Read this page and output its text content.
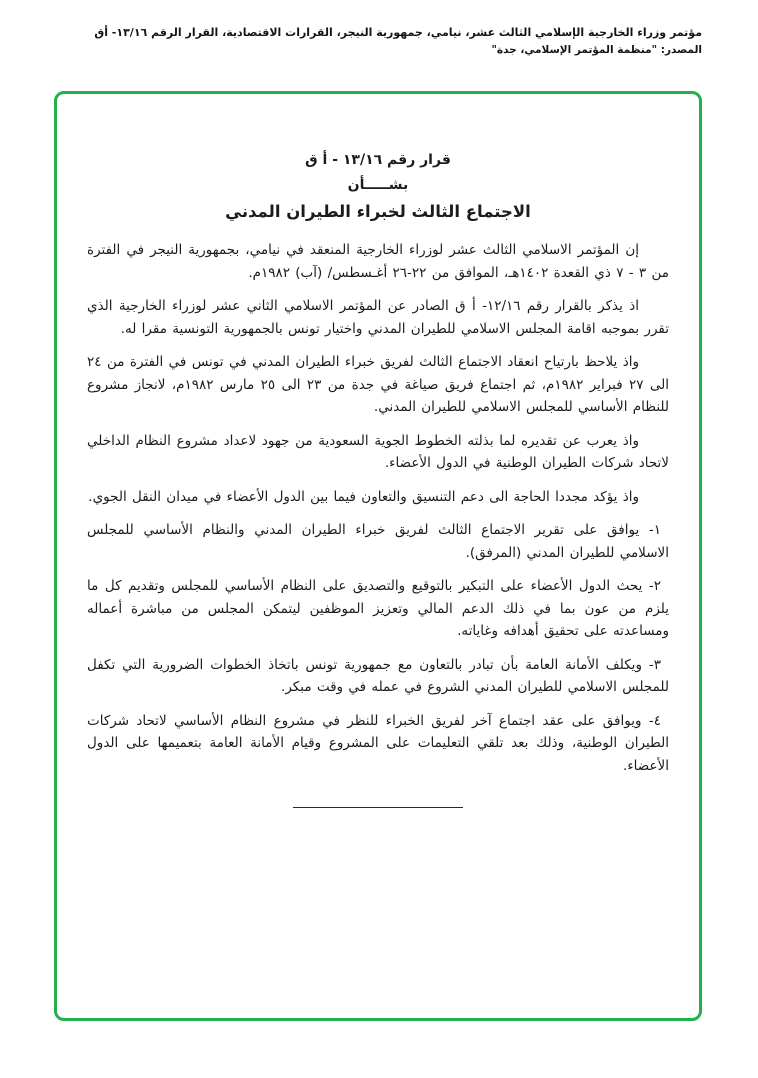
مؤتمر وزراء الخارجية الإسلامي الثالث عشر، نيامي، جمهورية النيجر، القرارات الاقتصادية، القرار الرقم ١٣/١٦- أق
المصدر: "منظمة المؤتمر الإسلامي، جدة"
قرار رقم ١٣/١٦ - أ ق
بشـــــأن
الاجتماع الثالث لخبراء الطيران المدني

إن المؤتمر الاسلامي الثالث عشر لوزراء الخارجية المنعقد في نيامي، بجمهورية النيجر في الفترة من ٣ - ٧ ذي القعدة ١٤٠٢هـ، الموافق من ٢٢-٢٦ أغـسطس/ (آب) ١٩٨٢م.

اذ يذكر بالقرار رقم ١٢/١٦- أ ق الصادر عن المؤتمر الاسلامي الثاني عشر لوزراء الخارجية الذي تقرر بموجبه اقامة المجلس الاسلامي للطيران المدني واختيار تونس بالجمهورية التونسية مقرا له.

واذ يلاحظ بارتياح انعقاد الاجتماع الثالث لفريق خبراء الطيران المدني في تونس في الفترة من ٢٤ الى ٢٧ فبراير ١٩٨٢م، ثم اجتماع فريق صياغة في جدة من ٢٣ الى ٢٥ مارس ١٩٨٢م، لانجاز مشروع للنظام الأساسي للمجلس الاسلامي للطيران المدني.

واذ يعرب عن تقديره لما بذلته الخطوط الجوية السعودية من جهود لاعداد مشروع النظام الداخلي لاتحاد شركات الطيران الوطنية في الدول الأعضاء.

واذ يؤكد مجددا الحاجة الى دعم التنسيق والتعاون فيما بين الدول الأعضاء في ميدان النقل الجوي.

١- يوافق على تقرير الاجتماع الثالث لفريق خبراء الطيران المدني والنظام الأساسي للمجلس الاسلامي للطيران المدني (المرفق).

٢- يحث الدول الأعضاء على التبكير بالتوقيع والتصديق على النظام الأساسي للمجلس وتقديم كل ما يلزم من عون بما في ذلك الدعم المالي وتعزيز الموظفين ليتمكن المجلس من مباشرة أعماله ومساعدته على تحقيق أهدافه وغاياته.

٣- ويكلف الأمانة العامة بأن تبادر بالتعاون مع جمهورية تونس باتخاذ الخطوات الضرورية التي تكفل للمجلس الاسلامي للطيران المدني الشروع في عمله في وقت مبكر.

٤- ويوافق على عقد اجتماع آخر لفريق الخبراء للنظر في مشروع النظام الأساسي لاتحاد شركات الطيران الوطنية، وذلك بعد تلقي التعليمات على المشروع وقيام الأمانة العامة بتعميمها على الدول الأعضاء.
